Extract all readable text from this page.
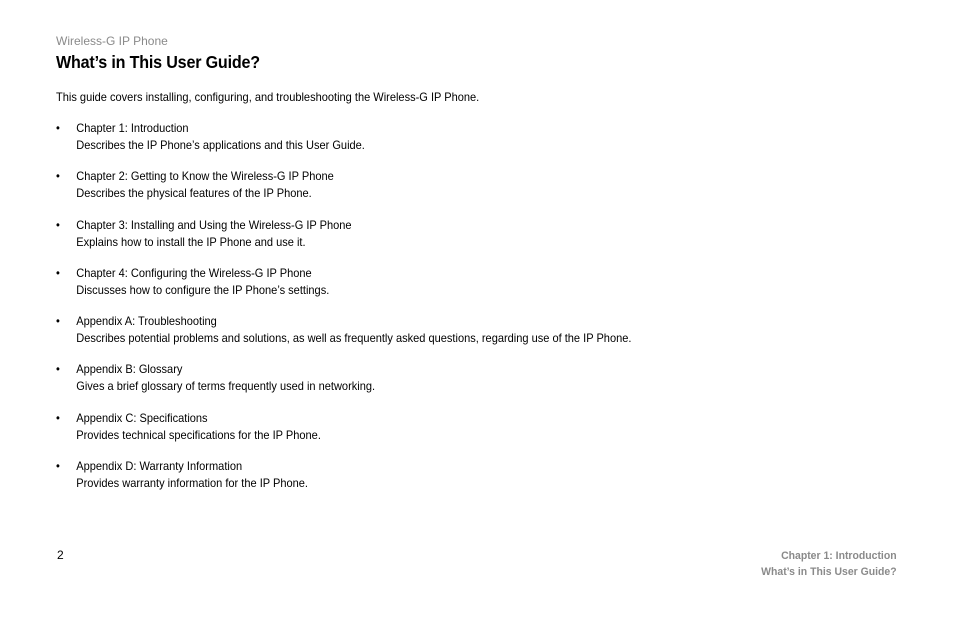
Wireless-G IP Phone
What’s in This User Guide?
This guide covers installing, configuring, and troubleshooting the Wireless-G IP Phone.
• Chapter 1: Introduction
Describes the IP Phone’s applications and this User Guide.
• Chapter 2: Getting to Know the Wireless-G IP Phone
Describes the physical features of the IP Phone.
• Chapter 3: Installing and Using the Wireless-G IP Phone
Explains how to install the IP Phone and use it.
• Chapter 4: Configuring the Wireless-G IP Phone
Discusses how to configure the IP Phone’s settings.
• Appendix A: Troubleshooting
Describes potential problems and solutions, as well as frequently asked questions, regarding use of the IP Phone.
• Appendix B: Glossary
Gives a brief glossary of terms frequently used in networking.
• Appendix C: Specifications
Provides technical specifications for the IP Phone.
• Appendix D: Warranty Information
Provides warranty information for the IP Phone.
2	Chapter 1: Introduction
What’s in This User Guide?
